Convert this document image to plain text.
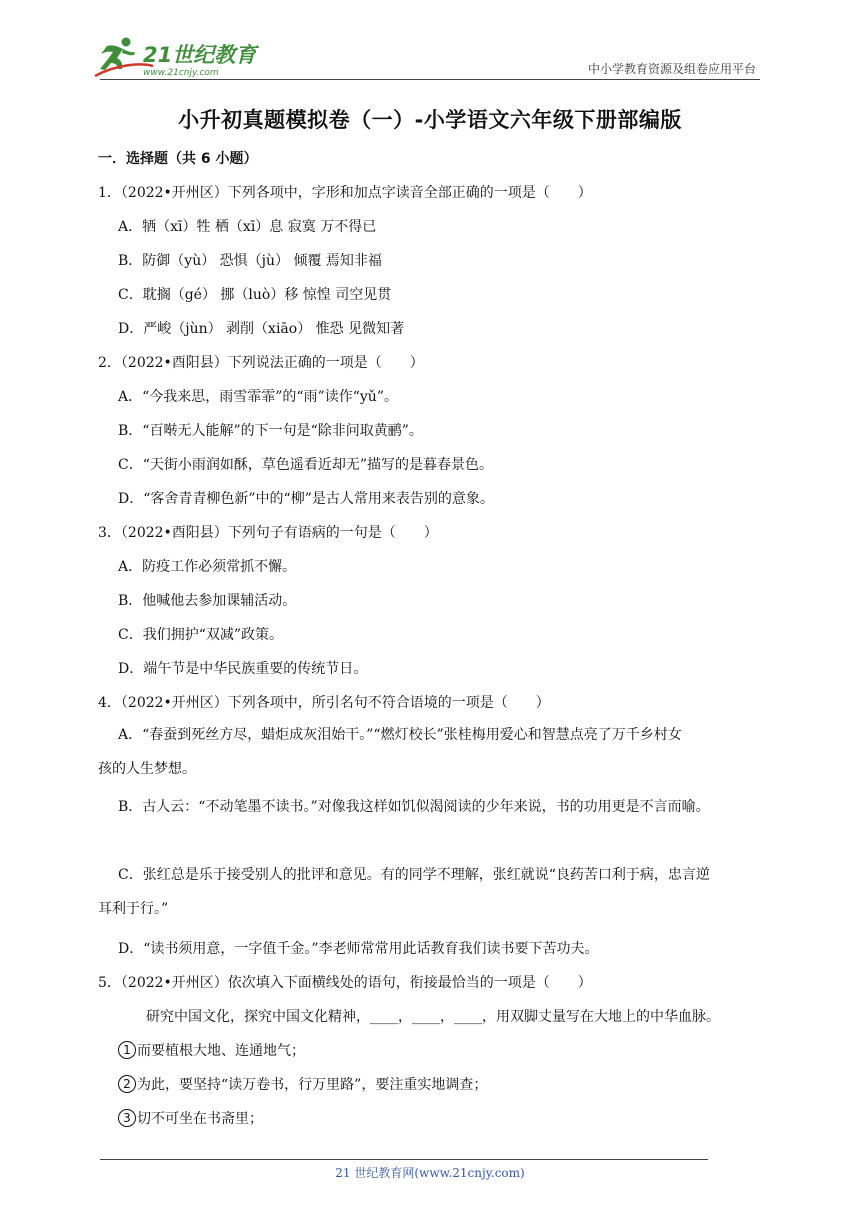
21世纪教育
www.21cnjy.com	中小学教育资源及组卷应用平台
小升初真题模拟卷（一）-小学语文六年级下册部编版
一．选择题（共 6 小题）
1．（2022•开州区）下列各项中，字形和加点字读音全部正确的一项是（　　）
A．牺（xī）牲 栖（xī）息 寂寞 万不得已
B．防御（yù） 恐惧（jù） 倾覆 焉知非福
C．耽搁（gé） 挪（luò）移 惊惶 司空见贯
D．严峻（jùn） 剥削（xiāo） 惟恐 见微知著
2．（2022•酉阳县）下列说法正确的一项是（　　）
A．“今我来思，雨雪霏霏”的“雨”读作“yǔ”。
B．“百啭无人能解”的下一句是“除非问取黄鹂”。
C．“天街小雨润如酥，草色遥看近却无”描写的是暮春景色。
D．“客舍青青柳色新”中的“柳”是古人常用来表告别的意象。
3．（2022•酉阳县）下列句子有语病的一句是（　　）
A．防疫工作必须常抓不懈。
B．他喊他去参加课辅活动。
C．我们拥护“双减”政策。
D．端午节是中华民族重要的传统节日。
4．（2022•开州区）下列各项中，所引名句不符合语境的一项是（　　）
A．“春蚕到死丝方尽，蜡炬成灰泪始干。”“燃灯校长”张桂梅用爱心和智慧点亮了万千乡村女
孩的人生梦想。
B．古人云：“不动笔墨不读书。”对像我这样如饥似渴阅读的少年来说，书的功用更是不言而喻。
C．张红总是乐于接受别人的批评和意见。有的同学不理解，张红就说“良药苦口利于病，忠言逆
耳利于行。”
D．“读书须用意，一字值千金。”李老师常常用此话教育我们读书要下苦功夫。
5．（2022•开州区）依次填入下面横线处的语句，衔接最恰当的一项是（　　）
研究中国文化，探究中国文化精神，____，____，____，用双脚丈量写在大地上的中华血脉。
1 而要植根大地、连通地气；
2 为此，要坚持“读万卷书，行万里路”，要注重实地调查；
3 切不可坐在书斋里；
21 世纪教育网(www.21cnjy.com)
